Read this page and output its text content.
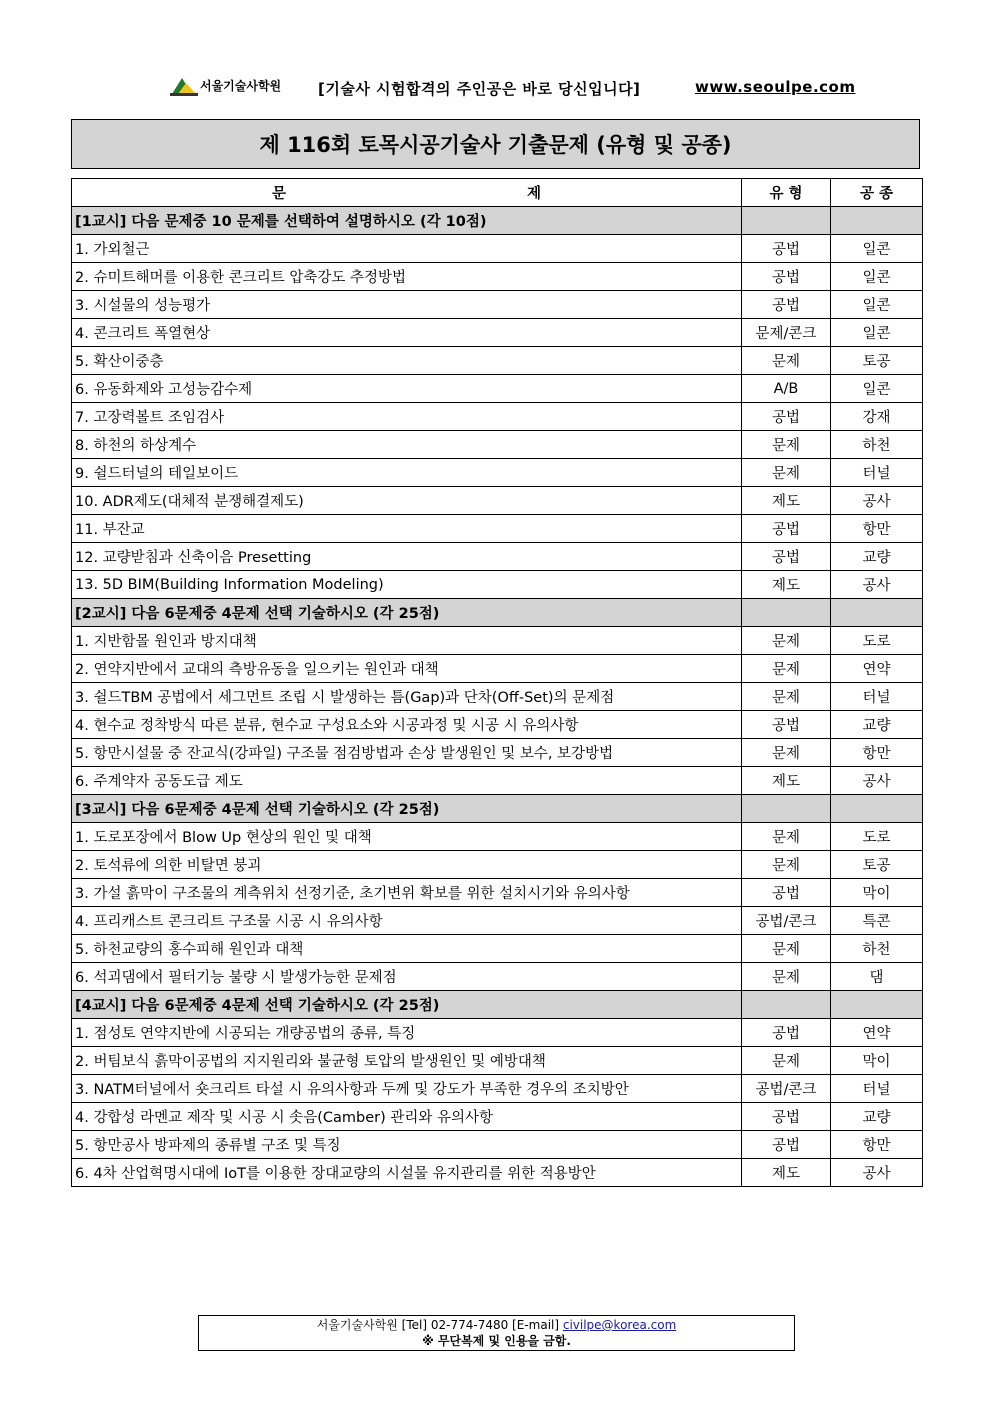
서울기술사학원 [기술사 시험합격의 주인공은 바로 당신입니다]	www.seoulpe.com
제 116회 토목시공기술사 기출문제 (유형 및 공종)
문 제	유 형	공 종
[1교시] 다음 문제중 10 문제를 선택하여 설명하시오 (각 10점)		
1. 가외철근	공법	일콘
2. 슈미트해머를 이용한 콘크리트 압축강도 추정방법	공법	일콘
3. 시설물의 성능평가	공법	일콘
4. 콘크리트 폭열현상	문제/콘크	일콘
5. 확산이중층	문제	토공
6. 유동화제와 고성능감수제	A/B	일콘
7. 고장력볼트 조임검사	공법	강재
8. 하천의 하상계수	문제	하천
9. 쉴드터널의 테일보이드	문제	터널
10. ADR제도(대체적 분쟁해결제도)	제도	공사
11. 부잔교	공법	항만
12. 교량받침과 신축이음 Presetting	공법	교량
13. 5D BIM(Building Information Modeling)	제도	공사
[2교시] 다음 6문제중 4문제 선택 기술하시오 (각 25점)		
1. 지반함몰 원인과 방지대책	문제	도로
2. 연약지반에서 교대의 측방유동을 일으키는 원인과 대책	문제	연약
3. 쉴드TBM 공법에서 세그먼트 조립 시 발생하는 틈(Gap)과 단차(Off-Set)의 문제점	문제	터널
4. 현수교 정착방식 따른 분류, 현수교 구성요소와 시공과정 및 시공 시 유의사항	공법	교량
5. 항만시설물 중 잔교식(강파일) 구조물 점검방법과 손상 발생원인 및 보수, 보강방법	문제	항만
6. 주계약자 공동도급 제도	제도	공사
[3교시] 다음 6문제중 4문제 선택 기술하시오 (각 25점)		
1. 도로포장에서 Blow Up 현상의 원인 및 대책	문제	도로
2. 토석류에 의한 비탈면 붕괴	문제	토공
3. 가설 흙막이 구조물의 계측위치 선정기준, 초기변위 확보를 위한 설치시기와 유의사항	공법	막이
4. 프리캐스트 콘크리트 구조물 시공 시 유의사항	공법/콘크	특콘
5. 하천교량의 홍수피해 원인과 대책	문제	하천
6. 석괴댐에서 필터기능 불량 시 발생가능한 문제점	문제	댐
[4교시] 다음 6문제중 4문제 선택 기술하시오 (각 25점)		
1. 점성토 연약지반에 시공되는 개량공법의 종류, 특징	공법	연약
2. 버팀보식 흙막이공법의 지지원리와 불균형 토압의 발생원인 및 예방대책	문제	막이
3. NATM터널에서 숏크리트 타설 시 유의사항과 두께 및 강도가 부족한 경우의 조치방안	공법/콘크	터널
4. 강합성 라멘교 제작 및 시공 시 솟음(Camber) 관리와 유의사항	공법	교량
5. 항만공사 방파제의 종류별 구조 및 특징	공법	항만
6. 4차 산업혁명시대에 IoT를 이용한 장대교량의 시설물 유지관리를 위한 적용방안	제도	공사
서울기술사학원 [Tel] 02-774-7480 [E-mail] civilpe@korea.com
※ 무단복제 및 인용을 금함.
